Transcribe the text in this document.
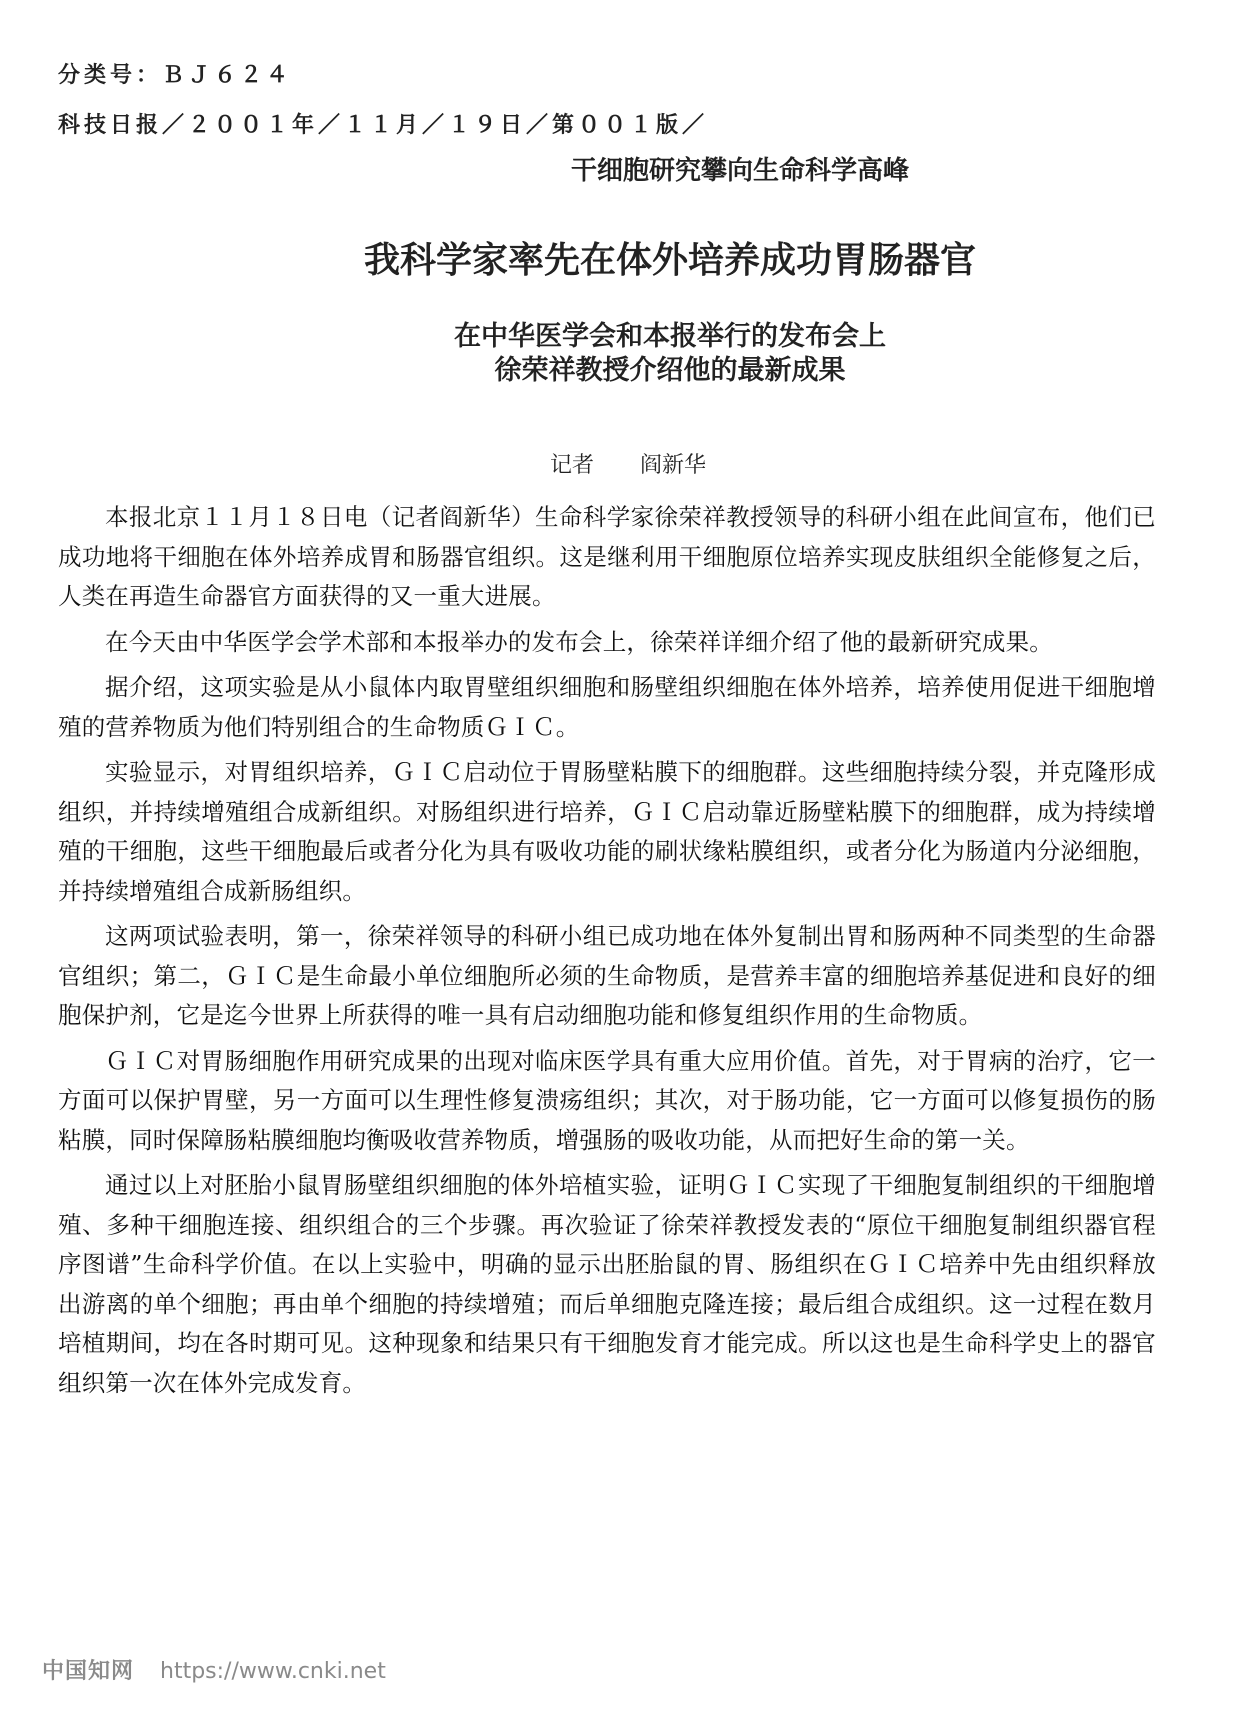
分类号：ＢＪ６２４
科技日报／２００１年／１１月／１９日／第００１版／
干细胞研究攀向生命科学高峰
我科学家率先在体外培养成功胃肠器官
在中华医学会和本报举行的发布会上
徐荣祥教授介绍他的最新成果
记者 阎新华

本报北京１１月１８日电（记者阎新华）生命科学家徐荣祥教授领导的科研小组在此间宣布，他们已成功地将干细胞在体外培养成胃和肠器官组织。这是继利用干细胞原位培养实现皮肤组织全能修复之后，人类在再造生命器官方面获得的又一重大进展。

在今天由中华医学会学术部和本报举办的发布会上，徐荣祥详细介绍了他的最新研究成果。

据介绍，这项实验是从小鼠体内取胃壁组织细胞和肠壁组织细胞在体外培养，培养使用促进干细胞增殖的营养物质为他们特别组合的生命物质ＧＩＣ。

实验显示，对胃组织培养，ＧＩＣ启动位于胃肠壁粘膜下的细胞群。这些细胞持续分裂，并克隆形成组织，并持续增殖组合成新组织。对肠组织进行培养，ＧＩＣ启动靠近肠壁粘膜下的细胞群，成为持续增殖的干细胞，这些干细胞最后或者分化为具有吸收功能的刷状缘粘膜组织，或者分化为肠道内分泌细胞，并持续增殖组合成新肠组织。

这两项试验表明，第一，徐荣祥领导的科研小组已成功地在体外复制出胃和肠两种不同类型的生命器官组织；第二，ＧＩＣ是生命最小单位细胞所必须的生命物质，是营养丰富的细胞培养基促进和良好的细胞保护剂，它是迄今世界上所获得的唯一具有启动细胞功能和修复组织作用的生命物质。

ＧＩＣ对胃肠细胞作用研究成果的出现对临床医学具有重大应用价值。首先，对于胃病的治疗，它一方面可以保护胃壁，另一方面可以生理性修复溃疡组织；其次，对于肠功能，它一方面可以修复损伤的肠粘膜，同时保障肠粘膜细胞均衡吸收营养物质，增强肠的吸收功能，从而把好生命的第一关。

通过以上对胚胎小鼠胃肠壁组织细胞的体外培植实验，证明ＧＩＣ实现了干细胞复制组织的干细胞增殖、多种干细胞连接、组织组合的三个步骤。再次验证了徐荣祥教授发表的“原位干细胞复制组织器官程序图谱”生命科学价值。在以上实验中，明确的显示出胚胎鼠的胃、肠组织在ＧＩＣ培养中先由组织释放出游离的单个细胞；再由单个细胞的持续增殖；而后单细胞克隆连接；最后组合成组织。这一过程在数月培植期间，均在各时期可见。这种现象和结果只有干细胞发育才能完成。所以这也是生命科学史上的器官组织第一次在体外完成发育。

中国知网 https://www.cnki.net
